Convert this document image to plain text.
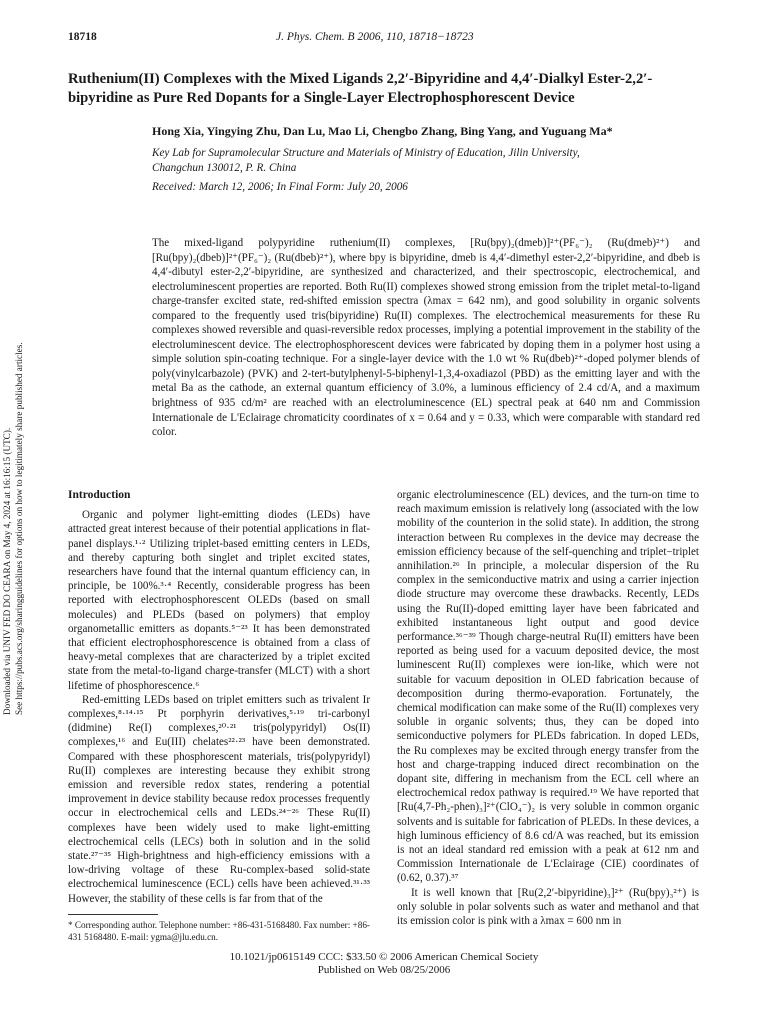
18718	J. Phys. Chem. B 2006, 110, 18718−18723
Ruthenium(II) Complexes with the Mixed Ligands 2,2′-Bipyridine and 4,4′-Dialkyl Ester-2,2′-bipyridine as Pure Red Dopants for a Single-Layer Electrophosphorescent Device
Hong Xia, Yingying Zhu, Dan Lu, Mao Li, Chengbo Zhang, Bing Yang, and Yuguang Ma*
Key Lab for Supramolecular Structure and Materials of Ministry of Education, Jilin University,
Changchun 130012, P. R. China
Received: March 12, 2006; In Final Form: July 20, 2006

The mixed-ligand polypyridine ruthenium(II) complexes, [Ru(bpy)₂(dmeb)]²⁺(PF₆⁻)₂ (Ru(dmeb)²⁺) and [Ru(bpy)₂(dbeb)]²⁺(PF₆⁻)₂ (Ru(dbeb)²⁺), where bpy is bipyridine, dmeb is 4,4′-dimethyl ester-2,2′-bipyridine, and dbeb is 4,4′-dibutyl ester-2,2′-bipyridine, are synthesized and characterized, and their spectroscopic, electrochemical, and electroluminescent properties are reported. Both Ru(II) complexes showed strong emission from the triplet metal-to-ligand charge-transfer excited state, red-shifted emission spectra (λmax = 642 nm), and good solubility in organic solvents compared to the frequently used tris(bipyridine) Ru(II) complexes. The electrochemical measurements for these Ru complexes showed reversible and quasi-reversible redox processes, implying a potential improvement in the stability of the electroluminescent device. The electrophosphorescent devices were fabricated by doping them in a polymer host using a simple solution spin-coating technique. For a single-layer device with the 1.0 wt % Ru(dbeb)²⁺-doped polymer blends of poly(vinylcarbazole) (PVK) and 2-tert-butylphenyl-5-biphenyl-1,3,4-oxadiazol (PBD) as the emitting layer and with the metal Ba as the cathode, an external quantum efficiency of 3.0%, a luminous efficiency of 2.4 cd/A, and a maximum brightness of 935 cd/m² are reached with an electroluminescence (EL) spectral peak at 640 nm and Commission Internationale de L'Eclairage chromaticity coordinates of x = 0.64 and y = 0.33, which were comparable with standard red color.

Downloaded via UNIV FED DO CEARA on May 4, 2024 at 16:16:15 (UTC). See https://pubs.acs.org/sharingguidelines for options on how to legitimately share published articles.	Introduction

Organic and polymer light-emitting diodes (LEDs) have attracted great interest because of their potential applications in flat-panel displays.¹·² Utilizing triplet-based emitting centers in LEDs, and thereby capturing both singlet and triplet excited states, researchers have found that the internal quantum efficiency can, in principle, be 100%.³·⁴ Recently, considerable progress has been reported with electrophosphorescent OLEDs (based on small molecules) and PLEDs (based on polymers) that employ organometallic emitters as dopants.⁵⁻²³ It has been demonstrated that efficient electrophosphorescence is obtained from a class of heavy-metal complexes that are characterized by a triplet excited state from the metal-to-ligand charge-transfer (MLCT) with a short lifetime of phosphorescence.⁶

Red-emitting LEDs based on triplet emitters such as trivalent Ir complexes,⁸·¹⁴·¹⁵ Pt porphyrin derivatives,⁵·¹⁹ tri-carbonyl (didmine) Re(I) complexes,²⁰·²¹ tris(polypyridyl) Os(II) complexes,¹⁶ and Eu(III) chelates²²·²³ have been demonstrated. Compared with these phosphorescent materials, tris(polypyridyl) Ru(II) complexes are interesting because they exhibit strong emission and reversible redox states, rendering a potential improvement in device stability because redox processes frequently occur in electrochemical cells and LEDs.²⁴⁻²⁶ These Ru(II) complexes have been widely used to make light-emitting electrochemical cells (LECs) both in solution and in the solid state.²⁷⁻³⁵ High-brightness and high-efficiency emissions with a low-driving voltage of these Ru-complex-based solid-state electrochemical luminescence (ECL) cells have been achieved.³¹·³³ However, the stability of these cells is far from that of the

organic electroluminescence (EL) devices, and the turn-on time to reach maximum emission is relatively long (associated with the low mobility of the counterion in the solid state). In addition, the strong interaction between Ru complexes in the device may decrease the emission efficiency because of the self-quenching and triplet−triplet annihilation.²⁶ In principle, a molecular dispersion of the Ru complex in the semiconductive matrix and using a carrier injection diode structure may overcome these drawbacks. Recently, LEDs using the Ru(II)-doped emitting layer have been fabricated and exhibited instantaneous light output and good device performance.³⁶⁻³⁹ Though charge-neutral Ru(II) emitters have been reported as being used for a vacuum deposited device, the most luminescent Ru(II) complexes were ion-like, which were not suitable for vacuum deposition in OLED fabrication because of decomposition during thermo-evaporation. Fortunately, the chemical modification can make some of the Ru(II) complexes very soluble in organic solvents; thus, they can be doped into semiconductive polymers for PLEDs fabrication. In doped LEDs, the Ru complexes may be excited through energy transfer from the host and charge-trapping induced direct recombination on the dopant site, differing in mechanism from the ECL cell where an electrochemical redox pathway is required.¹⁹ We have reported that [Ru(4,7-Ph₂-phen)₃]²⁺(ClO₄⁻)₂ is very soluble in common organic solvents and is suitable for fabrication of PLEDs. In these devices, a high luminous efficiency of 8.6 cd/A was reached, but its emission is not an ideal standard red emission with a peak at 612 nm and Commission Internationale de L'Eclairage (CIE) coordinates of (0.62, 0.37).³⁷

It is well known that [Ru(2,2′-bipyridine)₃]²⁺ (Ru(bpy)₃²⁺) is only soluble in polar solvents such as water and methanol and that its emission color is pink with a λmax = 600 nm in

* Corresponding author. Telephone number: +86-431-5168480. Fax number: +86-431 5168480. E-mail: ygma@jlu.edu.cn.
10.1021/jp0615149 CCC: $33.50 © 2006 American Chemical Society
Published on Web 08/25/2006
